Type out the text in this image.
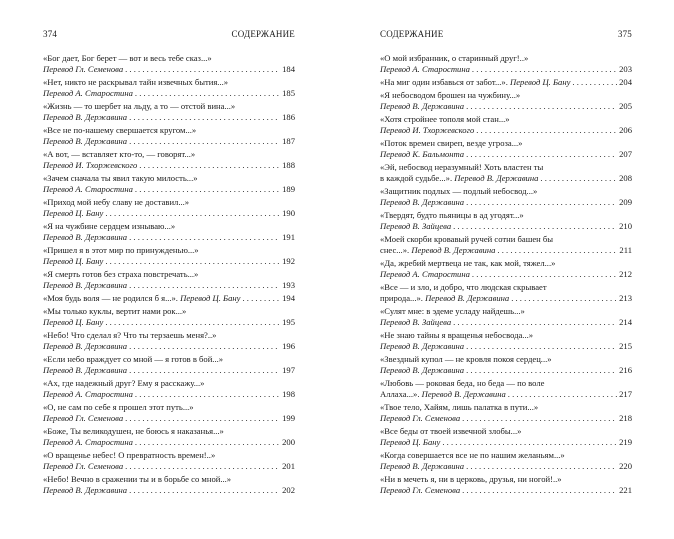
374	СОДЕРЖАНИЕ
«Бог дает, Бог берет — вот и весь тебе сказ...»
Перевод Гл. Семенова . . .	184
«Нет, никто не раскрывал тайн извечных бытия...»
Перевод А. Старостина . . .	185
«Жизнь — то шербет на льду, а то — отстой вина...»
Перевод В. Державина . . .	186
«Все не по-нашему свершается кругом...»
Перевод В. Державина . . .	187
«А вот, — вставляет кто-то, — говорят...»
Перевод И. Тхоржевского . . .	188
«Зачем сначала ты явил такую милость...»
Перевод А. Старостина . . .	189
«Приход мой небу славу не доставил...»
Перевод Ц. Бану . . .	190
«Я на чужбине сердцем изнываю...»
Перевод В. Державина . . .	191
«Пришел я в этот мир по принужденью...»
Перевод Ц. Бану . . .	192
«Я смерть готов без страха повстречать...»
Перевод В. Державина . . .	193
«Моя будь воля — не родился б я...». Перевод Ц. Бану . . .	194
«Мы только куклы, вертит нами рок...»
Перевод Ц. Бану . . .	195
«Небо! Что сделал я? Что ты терзаешь меня?..»
Перевод В. Державина . . .	196
«Если небо враждует со мной — я готов в бой...»
Перевод В. Державина . . .	197
«Ах, где надежный друг? Ему я расскажу...»
Перевод А. Старостина . . .	198
«О, не сам по себе я прошел этот путь...»
Перевод Гл. Семенова . . .	199
«Боже, Ты великодушен, не боюсь я наказанья...»
Перевод А. Старостина . . .	200
«О вращенье небес! О превратность времен!..»
Перевод Гл. Семенова . . .	201
«Небо! Вечно в сражении ты и в борьбе со мной...»
Перевод В. Державина . . .	202
СОДЕРЖАНИЕ	375
«О мой избранник, о старинный друг!..»
Перевод А. Старостина . . .	203
«На миг один избавься от забот...». Перевод Ц. Бану . . .	204
«Я небосводом брошен на чужбину...»
Перевод В. Державина . . .	205
«Хотя стройнее тополя мой стан...»
Перевод И. Тхоржевского . . .	206
«Поток времен свиреп, везде угроза...»
Перевод К. Бальмонта . . .	207
«Эй, небосвод неразумный! Хоть властен ты
в каждой судьбе...». Перевод В. Державина . . .	208
«Защитник подлых — подлый небосвод...»
Перевод В. Державина . . .	209
«Твердят, будто пьяницы в ад угодят...»
Перевод В. Зайцева . . .	210
«Моей скорби кровавый ручей сотни башен бы
снес...». Перевод В. Державина . . .	211
«Да, жребий мертвеца не так, как мой, тяжел...»
Перевод А. Старостина . . .	212
«Все — и зло, и добро, что людская скрывает
природа...». Перевод В. Державина . . .	213
«Сулят мне: в эдеме усладу найдешь...»
Перевод В. Зайцева . . .	214
«Не знаю тайны я вращенья небосвода...»
Перевод В. Державина . . .	215
«Звездный купол — не кровля покоя сердец...»
Перевод В. Державина . . .	216
«Любовь — роковая беда, но беда — по воле
Аллаха...». Перевод В. Державина . . .	217
«Твое тело, Хайям, лишь палатка в пути...»
Перевод Гл. Семенова . . .	218
«Все беды от твоей извечной злобы...»
Перевод Ц. Бану . . .	219
«Когда совершается все не по нашим желаньям...»
Перевод В. Державина . . .	220
«Ни в мечеть я, ни в церковь, друзья, ни ногой!..»
Перевод Гл. Семенова . . .	221
